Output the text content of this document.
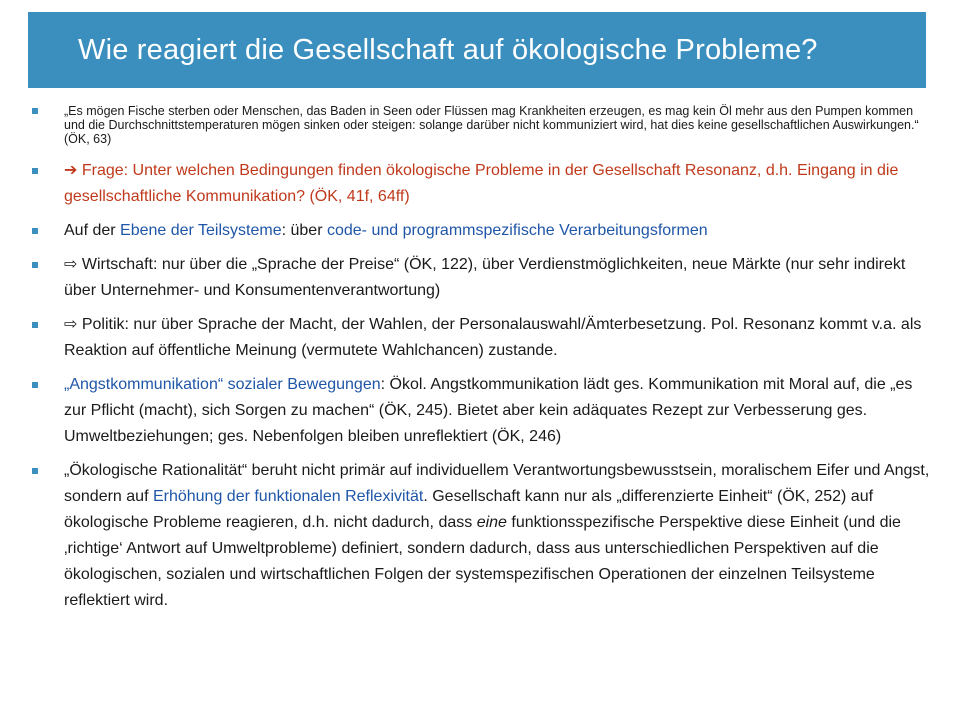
Wie reagiert die Gesellschaft auf ökologische Probleme?
„Es mögen Fische sterben oder Menschen, das Baden in Seen oder Flüssen mag Krankheiten erzeugen, es mag kein Öl mehr aus den Pumpen kommen und die Durchschnittstemperaturen mögen sinken oder steigen: solange darüber nicht kommuniziert wird, hat dies keine gesellschaftlichen Auswirkungen.“ (ÖK, 63)
➔ Frage: Unter welchen Bedingungen finden ökologische Probleme in der Gesellschaft Resonanz, d.h. Eingang in die gesellschaftliche Kommunikation? (ÖK, 41f, 64ff)
Auf der Ebene der Teilsysteme: über code- und programmspezifische Verarbeitungsformen
⇨ Wirtschaft: nur über die „Sprache der Preise“ (ÖK, 122), über Verdienstmöglichkeiten, neue Märkte (nur sehr indirekt über Unternehmer- und Konsumentenverantwortung)
⇨ Politik: nur über Sprache der Macht, der Wahlen, der Personalauswahl/Ämterbesetzung. Pol. Resonanz kommt v.a. als Reaktion auf öffentliche Meinung (vermutete Wahlchancen) zustande.
„Angstkommunikation“ sozialer Bewegungen: Ökol. Angstkommunikation lädt ges. Kommunikation mit Moral auf, die „es zur Pflicht (macht), sich Sorgen zu machen“ (ÖK, 245). Bietet aber kein adäquates Rezept zur Verbesserung ges. Umweltbeziehungen; ges. Nebenfolgen bleiben unreflektiert (ÖK, 246)
„Ökologische Rationalität“ beruht nicht primär auf individuellem Verantwortungsbewusstsein, moralischem Eifer und Angst, sondern auf Erhöhung der funktionalen Reflexivität. Gesellschaft kann nur als „differenzierte Einheit“ (ÖK, 252) auf ökologische Probleme reagieren, d.h. nicht dadurch, dass eine funktionsspezifische Perspektive diese Einheit (und die ‚richtige‘ Antwort auf Umweltprobleme) definiert, sondern dadurch, dass aus unterschiedlichen Perspektiven auf die ökologischen, sozialen und wirtschaftlichen Folgen der systemspezifischen Operationen der einzelnen Teilsysteme reflektiert wird.
